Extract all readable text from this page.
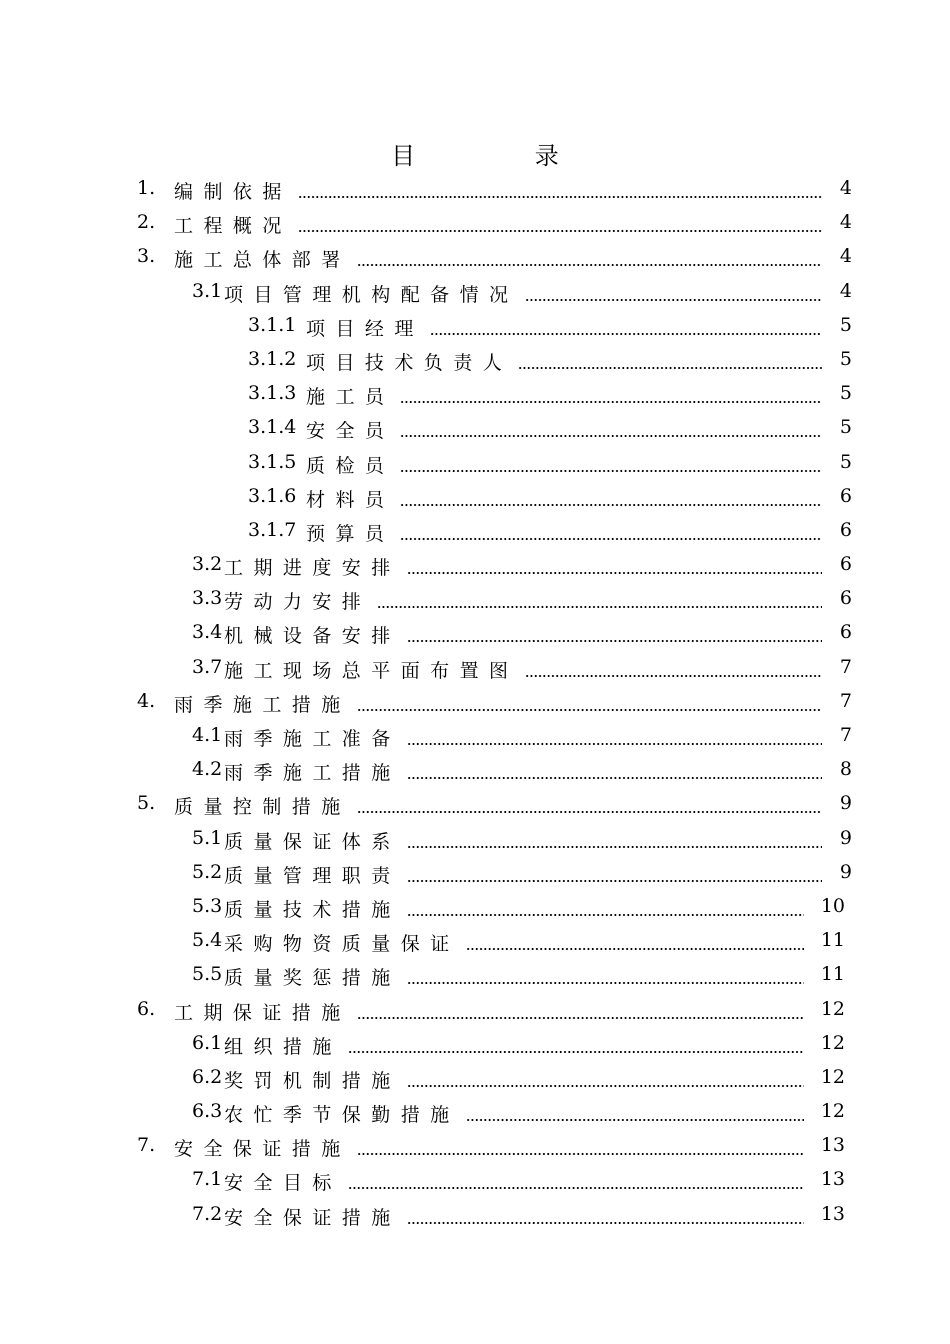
目 录
1. 编制依据	4
2. 工程概况	4
3. 施工总体部署	4
3.1 项目管理机构配备情况	4
3.1.1 项目经理	5
3.1.2 项目技术负责人	5
3.1.3 施工员	5
3.1.4 安全员	5
3.1.5 质检员	5
3.1.6 材料员	6
3.1.7 预算员	6
3.2 工期进度安排	6
3.3 劳动力安排	6
3.4 机械设备安排	6
3.7 施工现场总平面布置图	7
4. 雨季施工措施	7
4.1 雨季施工准备	7
4.2 雨季施工措施	8
5. 质量控制措施	9
5.1 质量保证体系	9
5.2 质量管理职责	9
5.3 质量技术措施	10
5.4 采购物资质量保证	11
5.5 质量奖惩措施	11
6. 工期保证措施	12
6.1 组织措施	12
6.2 奖罚机制措施	12
6.3 农忙季节保勤措施	12
7. 安全保证措施	13
7.1 安全目标	13
7.2 安全保证措施	13
